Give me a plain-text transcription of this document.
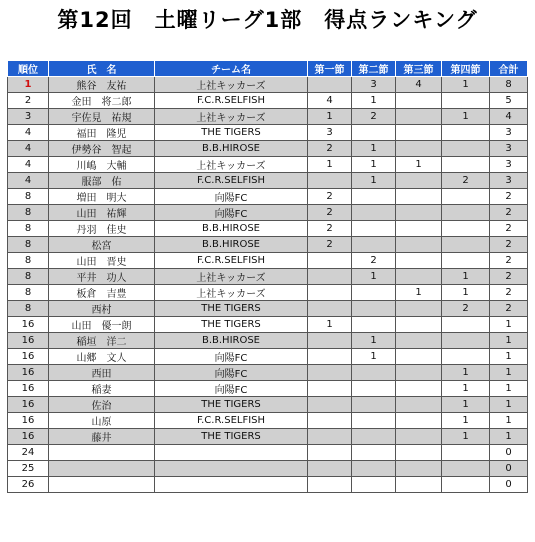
第12回　土曜リーグ1部　得点ランキング
順位	氏　名	チーム名	第一節	第二節	第三節	第四節	合計
1	熊谷　友祐	上社キッカーズ		3	4	1	8
2	金田　将二郎	F.C.R.SELFISH	4	1			5
3	宇佐見　祐規	上社キッカーズ	1	2		1	4
4	福田　隆児	THE TIGERS	3				3
4	伊勢谷　智起	B.B.HIROSE	2	1			3
4	川嶋　大輔	上社キッカーズ	1	1	1		3
4	服部　佑	F.C.R.SELFISH		1		2	3
8	増田　明大	向陽FC	2				2
8	山田　祐輝	向陽FC	2				2
8	丹羽　佳史	B.B.HIROSE	2				2
8	松宮	B.B.HIROSE	2				2
8	山田　晋史	F.C.R.SELFISH		2			2
8	平井　功人	上社キッカーズ		1		1	2
8	板倉　吉豊	上社キッカーズ			1	1	2
8	西村	THE TIGERS				2	2
16	山田　優一朗	THE TIGERS	1				1
16	稲垣　洋二	B.B.HIROSE		1			1
16	山郷　文人	向陽FC		1			1
16	西田	向陽FC				1	1
16	稲妻	向陽FC				1	1
16	佐治	THE TIGERS				1	1
16	山原	F.C.R.SELFISH				1	1
16	藤井	THE TIGERS				1	1
24							0
25							0
26							0
